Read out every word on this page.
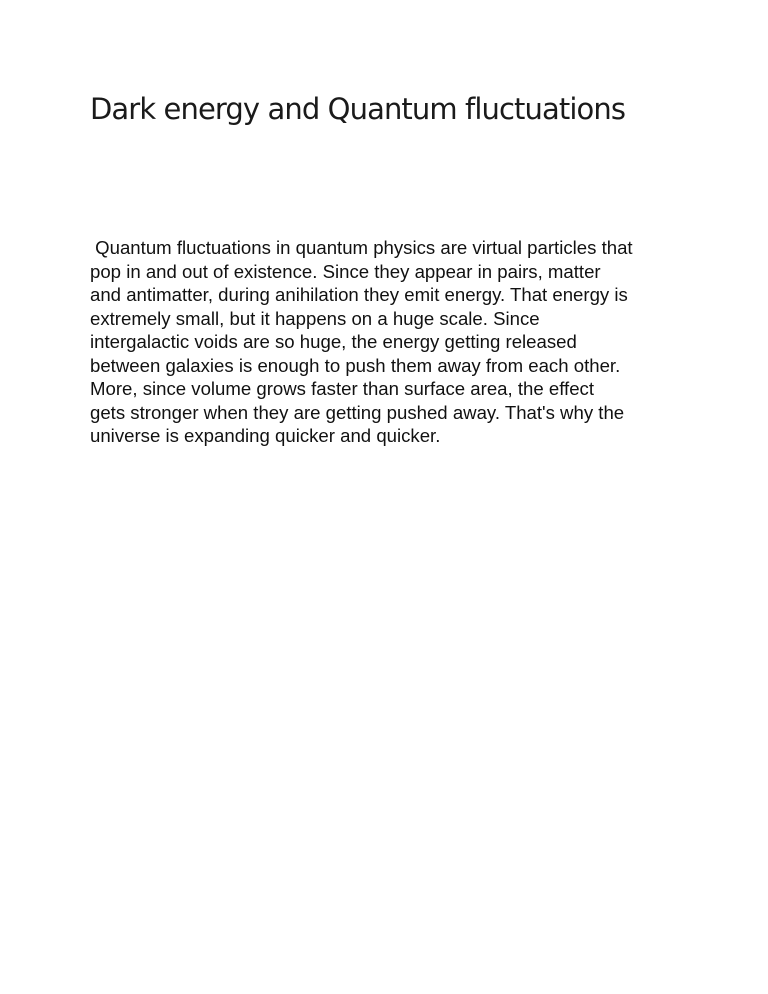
Dark energy and Quantum fluctuations
Quantum fluctuations in quantum physics are virtual particles that
pop in and out of existence. Since they appear in pairs, matter
and antimatter, during anihilation they emit energy. That energy is
extremely small, but it happens on a huge scale. Since
intergalactic voids are so huge, the energy getting released
between galaxies is enough to push them away from each other.
More, since volume grows faster than surface area, the effect
gets stronger when they are getting pushed away. That's why the
universe is expanding quicker and quicker.
